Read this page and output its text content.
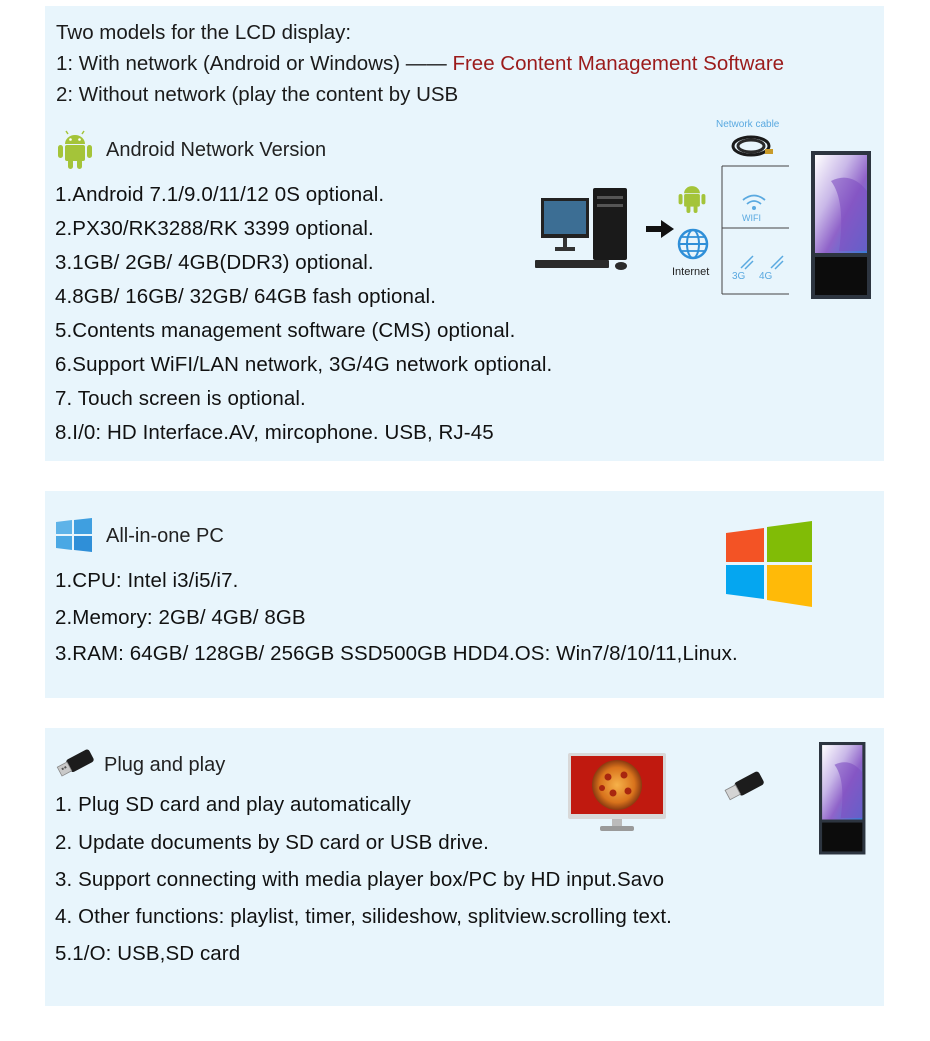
Two models for the LCD display:
1: With network (Android or Windows) —— Free Content Management Software
2: Without network (play the content by USB
Android Network Version
1.Android 7.1/9.0/11/12 0S optional.
2.PX30/RK3288/RK 3399 optional.
3.1GB/ 2GB/ 4GB(DDR3) optional.
4.8GB/ 16GB/ 32GB/ 64GB fash optional.
5.Contents management software (CMS) optional.
6.Support WiFI/LAN network, 3G/4G network optional.
7. Touch screen is optional.
8.I/0: HD Interface.AV, mircophone. USB, RJ-45
Internet
Network cable
WIFI
3G 4G
All-in-one PC
1.CPU: Intel i3/i5/i7.
2.Memory: 2GB/ 4GB/ 8GB
3.RAM: 64GB/ 128GB/ 256GB SSD500GB HDD4.OS: Win7/8/10/11,Linux.
Plug and play
1. Plug SD card and play automatically
2. Update documents by SD card or USB drive.
3. Support connecting with media player box/PC by HD input.Savo
4. Other functions: playlist, timer, silideshow, splitview.scrolling text.
5.1/O: USB,SD card
